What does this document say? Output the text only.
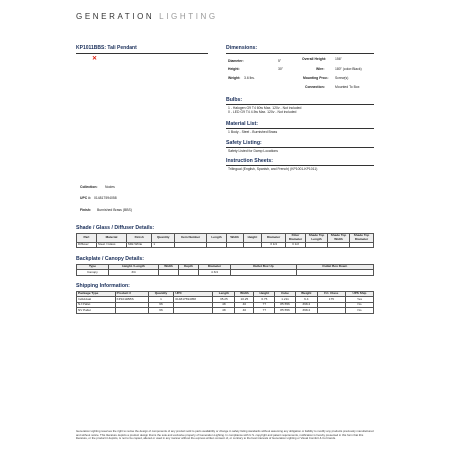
GENERATION LIGHTING
KP1011BBS: Tali Pendant
✕
Dimensions:
Diameter:	5"	Overall Height:	156"
Height:	30"	Wire:	180" (color:Black)
Weight: 3.6 lbs.	Mounting Prov.: Screw(s)
Connection:	Mounted To Box
Bulbs:
1 - Halogen G9 T4 60w Max. 120v - Not included
0 - LED G9 T4 4.5w Max. 120v - Not included
Material List:
1 Body - Steel - Burnished Brass
Safety Listing:
Safety Listed for Damp Locations
Instruction Sheets:
Trilingual (English, Spanish, and French) (KP1001-KP1011)
Collection: Nodes
UPC #: 014817594058
Finish: Burnished Brass (BBS)
Shade / Glass / Diffuser Details:
Part	Material	Finish	Quantity	Item Number	Length	Width	Height	Diameter	Fitter Diameter	Shade Top Length	Shade Top Width	Shade Top Diameter
Diffuser	Steel / Glass	Milk White	1					3 1/4	3 1/2			
Backplate / Canopy Details:
Type	Height / Length	Width	Depth	Diameter	Outlet Box Up	Outlet Box Down
Canopy	3/4			4 3/4		
Shipping Information:
Package Type	Product #	Quantity	UPC	Length	Width	Height	Cube	Weight	Frt. Class	UPS Ship
Individual	KP1011BBS	1	014817594058	35.25	10.25	6.75	1.211	6.4	175	Yes
NJ Pallet		66		48	40	77	85.556	398.4		No
NV Pallet		66		48	40	77	85.556	398.4		No
Generation Lighting reserves the right to revise the design of components of any product sold to parts availability or change in safety listing standards without assuming any obligation or liability to modify any products previously manufactured and without notice. This literature depicts a product design that is the sole and exclusive property of Generation Lighting. In compliance with U.S. copyright and patent requirements, notification is hereby presented in this form that this literature, or the product it depicts, is not to be copied, altered or used in any manner without the express written consent of, or contrary to the best interests of Generation Lighting or Visual Comfort & Co brands.
